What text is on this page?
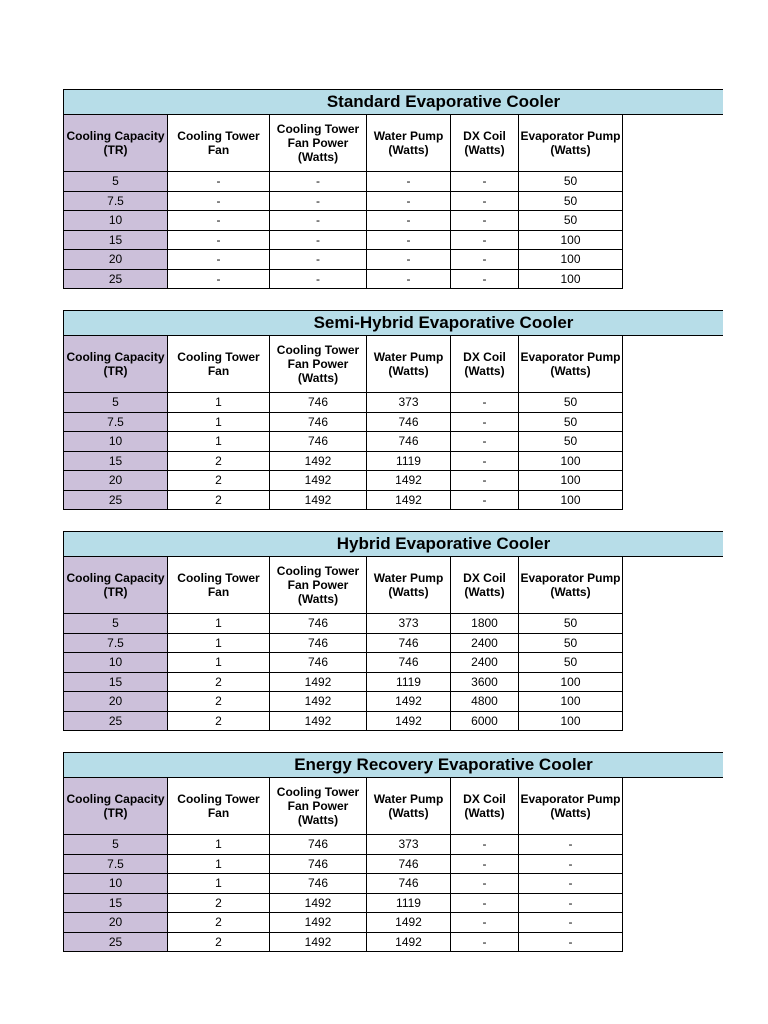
Standard Evaporative Cooler
Cooling Capacity (TR)	Cooling Tower Fan	Cooling Tower Fan Power (Watts)	Water Pump (Watts)	DX Coil (Watts)	Evaporator Pump (Watts)
5	-	-	-	-	50
7.5	-	-	-	-	50
10	-	-	-	-	50
15	-	-	-	-	100
20	-	-	-	-	100
25	-	-	-	-	100
Semi-Hybrid Evaporative Cooler
Cooling Capacity (TR)	Cooling Tower Fan	Cooling Tower Fan Power (Watts)	Water Pump (Watts)	DX Coil (Watts)	Evaporator Pump (Watts)
5	1	746	373	-	50
7.5	1	746	746	-	50
10	1	746	746	-	50
15	2	1492	1119	-	100
20	2	1492	1492	-	100
25	2	1492	1492	-	100
Hybrid Evaporative Cooler
Cooling Capacity (TR)	Cooling Tower Fan	Cooling Tower Fan Power (Watts)	Water Pump (Watts)	DX Coil (Watts)	Evaporator Pump (Watts)
5	1	746	373	1800	50
7.5	1	746	746	2400	50
10	1	746	746	2400	50
15	2	1492	1119	3600	100
20	2	1492	1492	4800	100
25	2	1492	1492	6000	100
Energy Recovery Evaporative Cooler
Cooling Capacity (TR)	Cooling Tower Fan	Cooling Tower Fan Power (Watts)	Water Pump (Watts)	DX Coil (Watts)	Evaporator Pump (Watts)
5	1	746	373	-	-
7.5	1	746	746	-	-
10	1	746	746	-	-
15	2	1492	1119	-	-
20	2	1492	1492	-	-
25	2	1492	1492	-	-
